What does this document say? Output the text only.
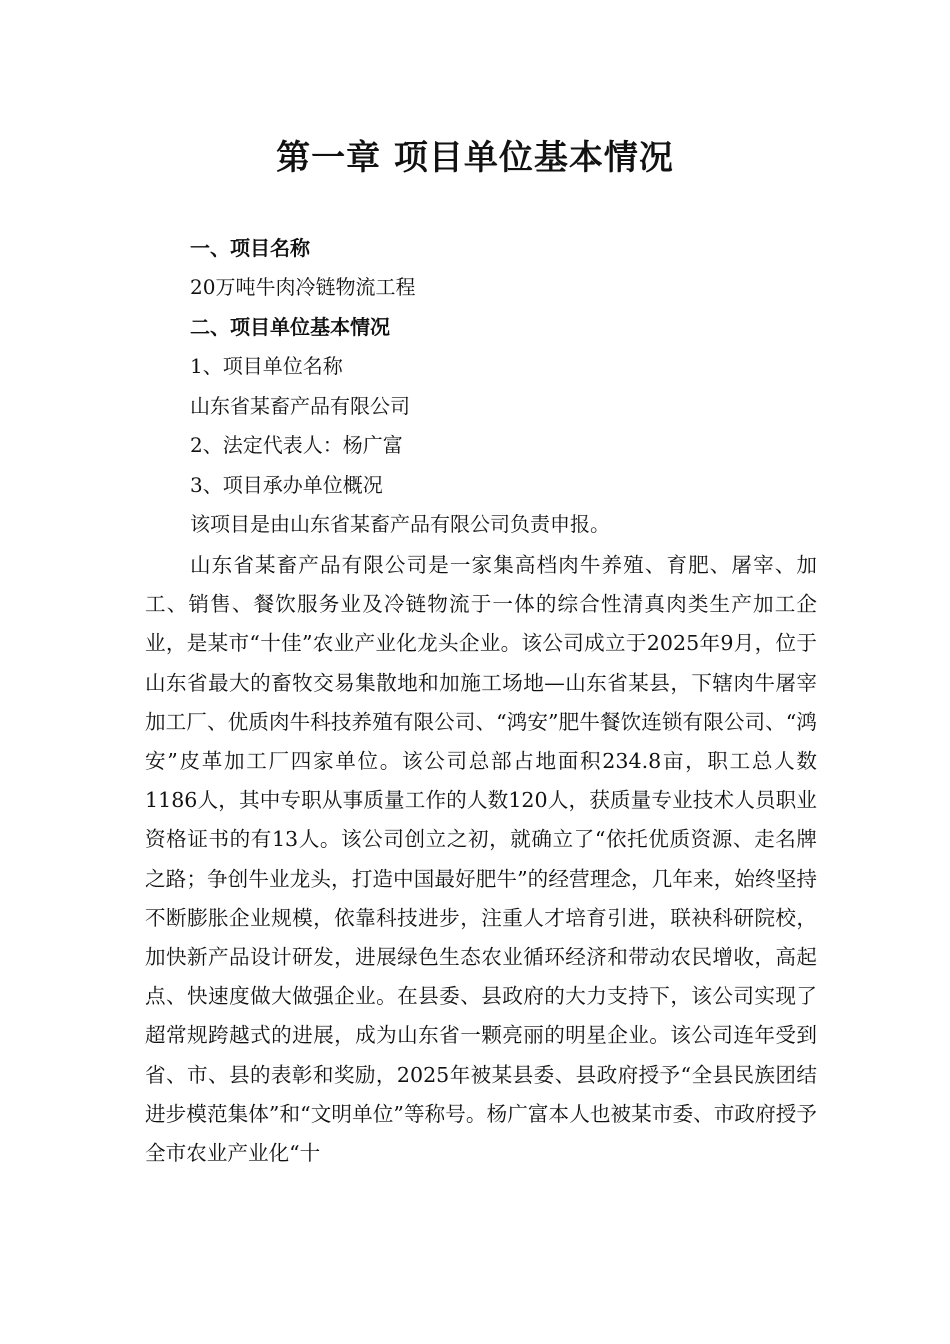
第一章 项目单位基本情况
一、项目名称
20万吨牛肉冷链物流工程
二、项目单位基本情况
1、项目单位名称
山东省某畜产品有限公司
2、法定代表人：杨广富
3、项目承办单位概况
该项目是由山东省某畜产品有限公司负责申报。

山东省某畜产品有限公司是一家集高档肉牛养殖、育肥、屠宰、加工、销售、餐饮服务业及冷链物流于一体的综合性清真肉类生产加工企业，是某市“十佳”农业产业化龙头企业。该公司成立于2025年9月，位于山东省最大的畜牧交易集散地和加施工场地—山东省某县，下辖肉牛屠宰加工厂、优质肉牛科技养殖有限公司、“鸿安”肥牛餐饮连锁有限公司、“鸿安”皮革加工厂四家单位。该公司总部占地面积234.8亩，职工总人数1186人，其中专职从事质量工作的人数120人，获质量专业技术人员职业资格证书的有13人。该公司创立之初，就确立了“依托优质资源、走名牌之路；争创牛业龙头，打造中国最好肥牛”的经营理念，几年来，始终坚持不断膨胀企业规模，依靠科技进步，注重人才培育引进，联袂科研院校，加快新产品设计研发，进展绿色生态农业循环经济和带动农民增收，高起点、快速度做大做强企业。在县委、县政府的大力支持下，该公司实现了超常规跨越式的进展，成为山东省一颗亮丽的明星企业。该公司连年受到省、市、县的表彰和奖励，2025年被某县委、县政府授予“全县民族团结进步模范集体”和“文明单位”等称号。杨广富本人也被某市委、市政府授予全市农业产业化“十
